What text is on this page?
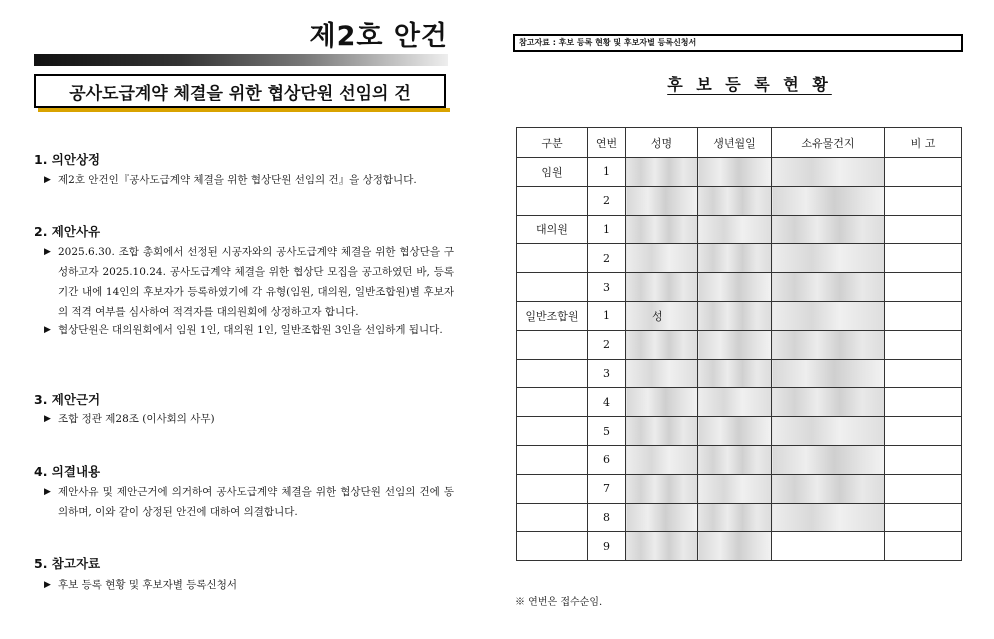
제2호 안건
공사도급계약 체결을 위한 협상단원 선임의 건
1. 의안상정
▶ 제2호 안건인『공사도급계약 체결을 위한 협상단원 선임의 건』을 상정합니다.
2. 제안사유
▶ 2025.6.30. 조합 총회에서 선정된 시공자와의 공사도급계약 체결을 위한 협상단을 구성하고자 2025.10.24. 공사도급계약 체결을 위한 협상단 모집을 공고하였던 바, 등록 기간 내에 14인의 후보자가 등록하였기에 각 유형(임원, 대의원, 일반조합원)별 후보자의 적격 여부를 심사하여 적격자를 대의원회에 상정하고자 합니다.
▶ 협상단원은 대의원회에서 임원 1인, 대의원 1인, 일반조합원 3인을 선임하게 됩니다.
3. 제안근거
▶ 조합 정관 제28조 (이사회의 사무)
4. 의결내용
▶ 제안사유 및 제안근거에 의거하여 공사도급계약 체결을 위한 협상단원 선임의 건에 동의하며, 이와 같이 상정된 안건에 대하여 의결합니다.
5. 참고자료
▶ 후보 등록 현황 및 후보자별 등록신청서
참고자료 : 후보 등록 현황 및 후보자별 등록신청서
후 보 등 록 현 황
구분	연번	성명	생년월일	소유물건지	비 고
임원	1				
	2				
대의원	1				
	2				
	3				
일반조합원	1	성			
	2				
	3				
	4				
	5				
	6				
	7				
	8				
	9				
※ 연번은 접수순임.
